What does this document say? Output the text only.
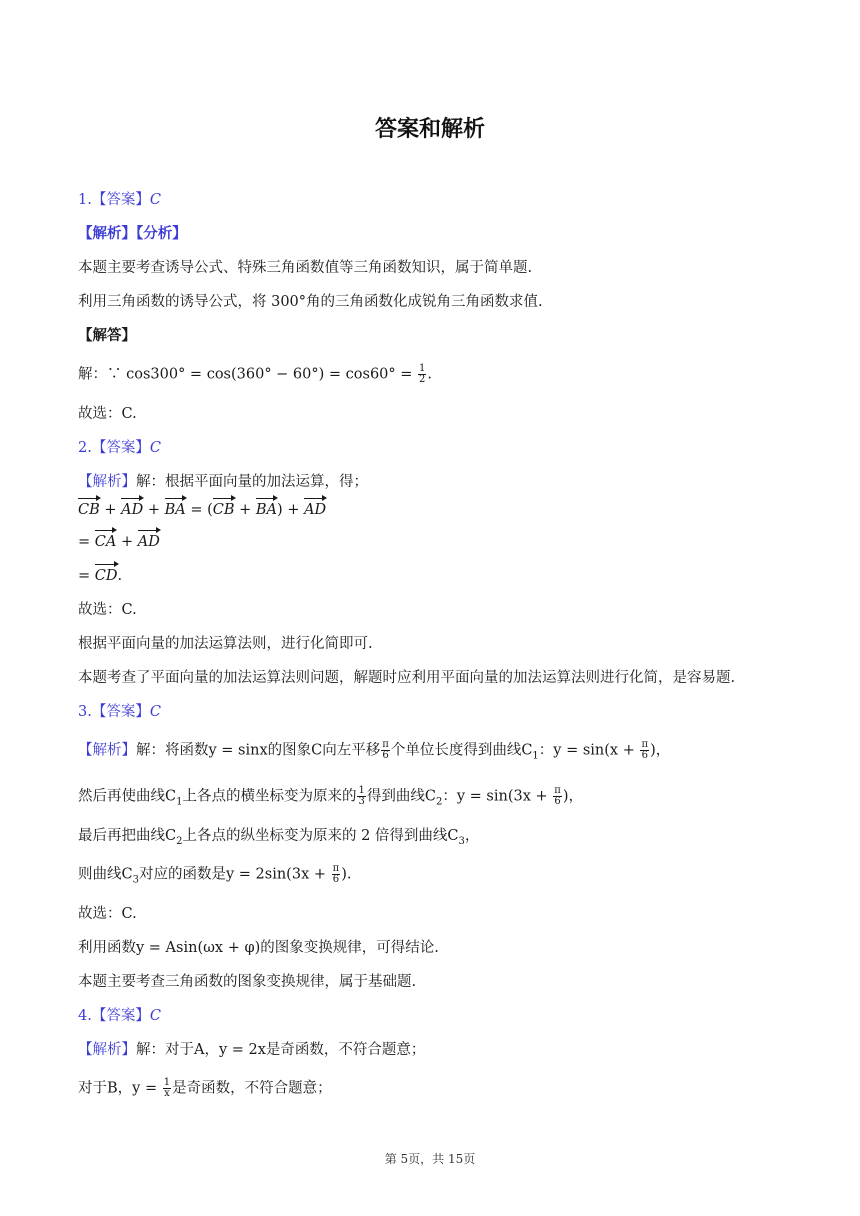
答案和解析
1.【答案】C
【解析】【分析】
本题主要考查诱导公式、特殊三角函数值等三角函数知识，属于简单题.
利用三角函数的诱导公式，将 300°角的三角函数化成锐角三角函数求值.
【解答】
解：∵ $\cos 300^\circ = \cos(360^\circ - 60^\circ) = \cos 60^\circ = \frac{1}{2}$ .
故选：C.
2.【答案】C
【解析】解：根据平面向量的加法运算，得；
CB + AD + BA = (CB + BA) + AD
= CA + AD
= CD.
故选：C.
根据平面向量的加法运算法则，进行化简即可.
本题考查了平面向量的加法运算法则问题，解题时应利用平面向量的加法运算法则进行化简，是容易题.
3.【答案】C
【解析】解：将函数y = sinx的图象C向左平移 $\frac{\pi}{6}$ 个单位长度得到曲线$C_1$：$y = \sin(x + \frac{\pi}{6}$ )，
然后再使曲线$C_1$上各点的横坐标变为原来的 $\frac{1}{3}$ 得到曲线$C_2$：$y = \sin(3x + \frac{\pi}{6}$ )，
最后再把曲线$C_2$上各点的纵坐标变为原来的 2 倍得到曲线$C_3$，
则曲线$C_3$对应的函数是$y = 2\sin(3x + \frac{\pi}{6}$ ).
故选：C.
利用函数y = Asin(ωx + φ)的图象变换规律，可得结论.
本题主要考查三角函数的图象变换规律，属于基础题.
4.【答案】C
【解析】解：对于A，y = 2x是奇函数，不符合题意；
对于B，$y = \frac{1}{x}$ 是奇函数，不符合题意；
第 5页，共 15页
